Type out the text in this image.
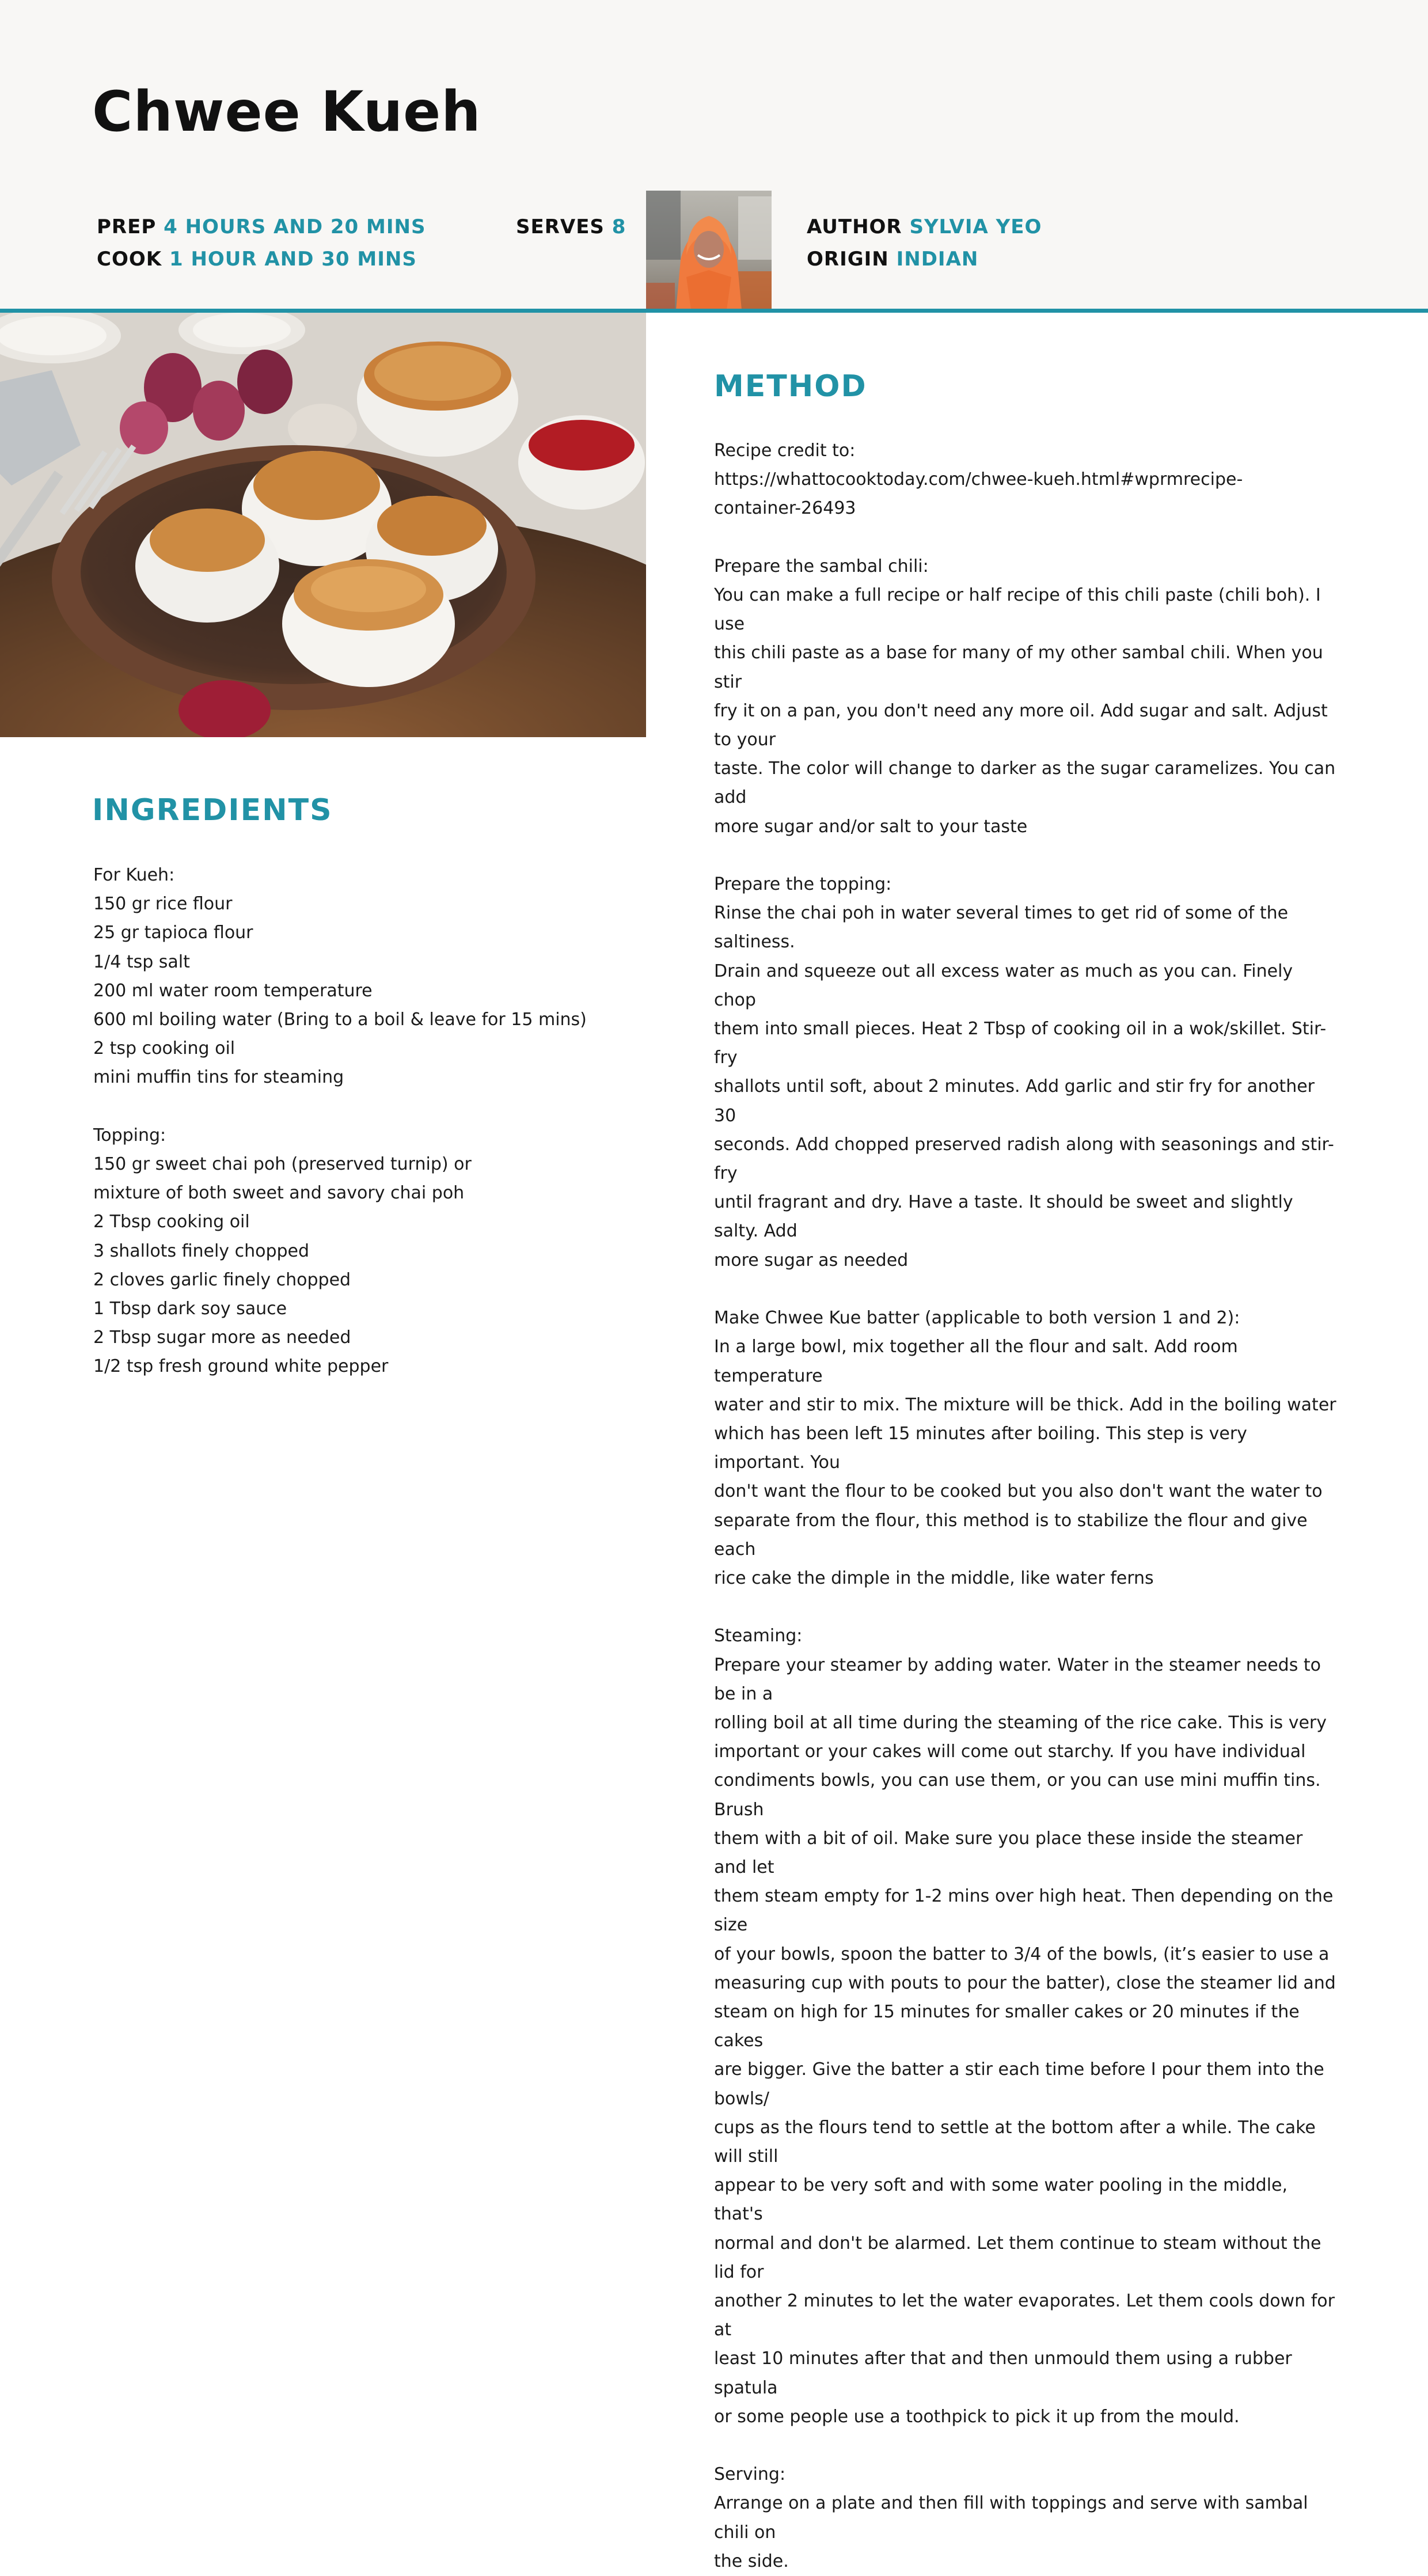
Chwee Kueh
PREP 4 HOURS AND 20 MINS
COOK 1 HOUR AND 30 MINS
SERVES 8	AUTHOR SYLVIA YEO
ORIGIN INDIAN
INGREDIENTS
For Kueh:
150 gr rice flour
25 gr tapioca flour
1/4 tsp salt
200 ml water room temperature
600 ml boiling water (Bring to a boil & leave for 15 mins)
2 tsp cooking oil
mini muffin tins for steaming

Topping:
150 gr sweet chai poh (preserved turnip) or
mixture of both sweet and savory chai poh
2 Tbsp cooking oil
3 shallots finely chopped
2 cloves garlic finely chopped
1 Tbsp dark soy sauce
2 Tbsp sugar more as needed
1/2 tsp fresh ground white pepper
METHOD
Recipe credit to:
https://whattocooktoday.com/chwee-kueh.html#wprmrecipe-
container-26493

Prepare the sambal chili:
You can make a full recipe or half recipe of this chili paste (chili boh). I use
this chili paste as a base for many of my other sambal chili. When you stir
fry it on a pan, you don't need any more oil. Add sugar and salt. Adjust to your
taste. The color will change to darker as the sugar caramelizes. You can add
more sugar and/or salt to your taste

Prepare the topping:
Rinse the chai poh in water several times to get rid of some of the saltiness.
Drain and squeeze out all excess water as much as you can. Finely chop
them into small pieces. Heat 2 Tbsp of cooking oil in a wok/skillet. Stir-fry
shallots until soft, about 2 minutes. Add garlic and stir fry for another 30
seconds. Add chopped preserved radish along with seasonings and stir-fry
until fragrant and dry. Have a taste. It should be sweet and slightly salty. Add
more sugar as needed

Make Chwee Kue batter (applicable to both version 1 and 2):
In a large bowl, mix together all the flour and salt. Add room temperature
water and stir to mix. The mixture will be thick. Add in the boiling water
which has been left 15 minutes after boiling. This step is very important. You
don't want the flour to be cooked but you also don't want the water to
separate from the flour, this method is to stabilize the flour and give each
rice cake the dimple in the middle, like water ferns

Steaming:
Prepare your steamer by adding water. Water in the steamer needs to be in a
rolling boil at all time during the steaming of the rice cake. This is very
important or your cakes will come out starchy. If you have individual
condiments bowls, you can use them, or you can use mini muffin tins. Brush
them with a bit of oil. Make sure you place these inside the steamer and let
them steam empty for 1-2 mins over high heat. Then depending on the size
of your bowls, spoon the batter to 3/4 of the bowls, (it’s easier to use a
measuring cup with pouts to pour the batter), close the steamer lid and
steam on high for 15 minutes for smaller cakes or 20 minutes if the cakes
are bigger. Give the batter a stir each time before I pour them into the bowls/
cups as the flours tend to settle at the bottom after a while. The cake will still
appear to be very soft and with some water pooling in the middle, that's
normal and don't be alarmed. Let them continue to steam without the lid for
another 2 minutes to let the water evaporates. Let them cools down for at
least 10 minutes after that and then unmould them using a rubber spatula
or some people use a toothpick to pick it up from the mould.

Serving:
Arrange on a plate and then fill with toppings and serve with sambal chili on
the side.
